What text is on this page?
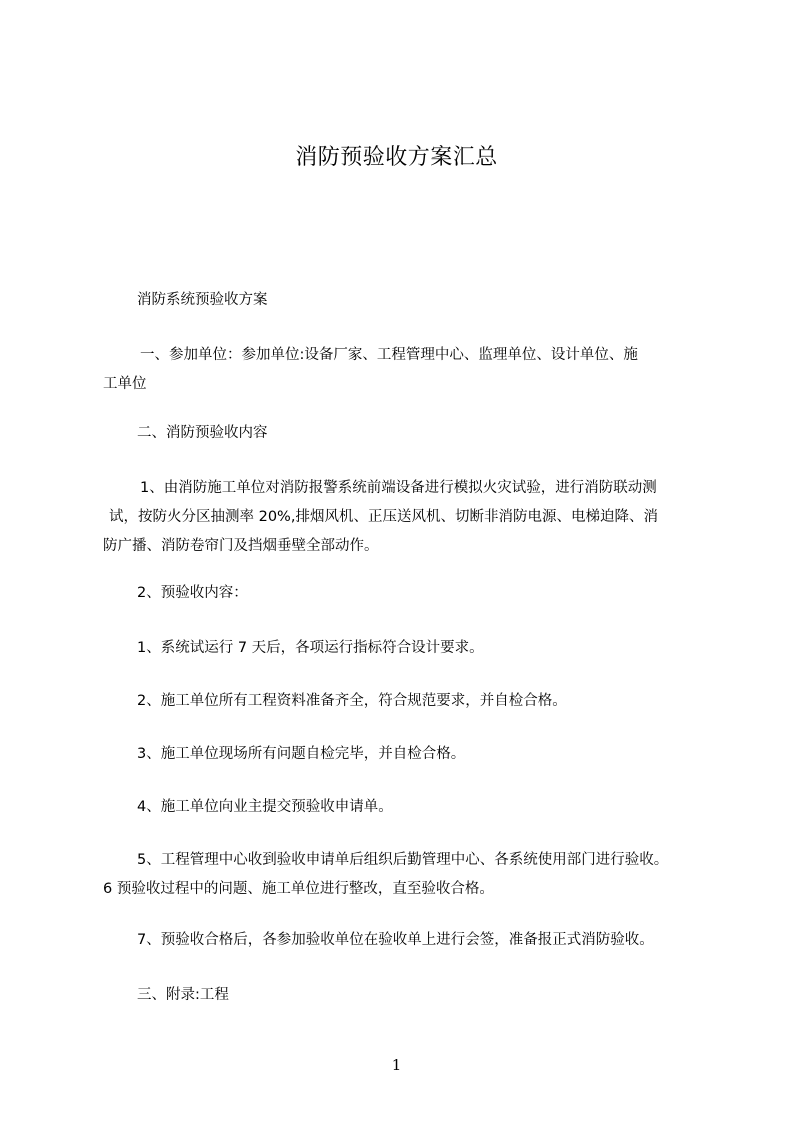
消防预验收方案汇总

消防系统预验收方案

一、参加单位：参加单位:设备厂家、工程管理中心、监理单位、设计单位、施
工单位

二、消防预验收内容

1、由消防施工单位对消防报警系统前端设备进行模拟火灾试验，进行消防联动测
试，按防火分区抽测率 20%,排烟风机、正压送风机、切断非消防电源、电梯迫降、消
防广播、消防卷帘门及挡烟垂壁全部动作。

2、预验收内容：

1、系统试运行 7 天后，各项运行指标符合设计要求。

2、施工单位所有工程资料准备齐全，符合规范要求，并自检合格。

3、施工单位现场所有问题自检完毕，并自检合格。

4、施工单位向业主提交预验收申请单。

5、工程管理中心收到验收申请单后组织后勤管理中心、各系统使用部门进行验收。
6 预验收过程中的问题、施工单位进行整改，直至验收合格。

7、预验收合格后，各参加验收单位在验收单上进行会签，准备报正式消防验收。

三、附录:工程

1
